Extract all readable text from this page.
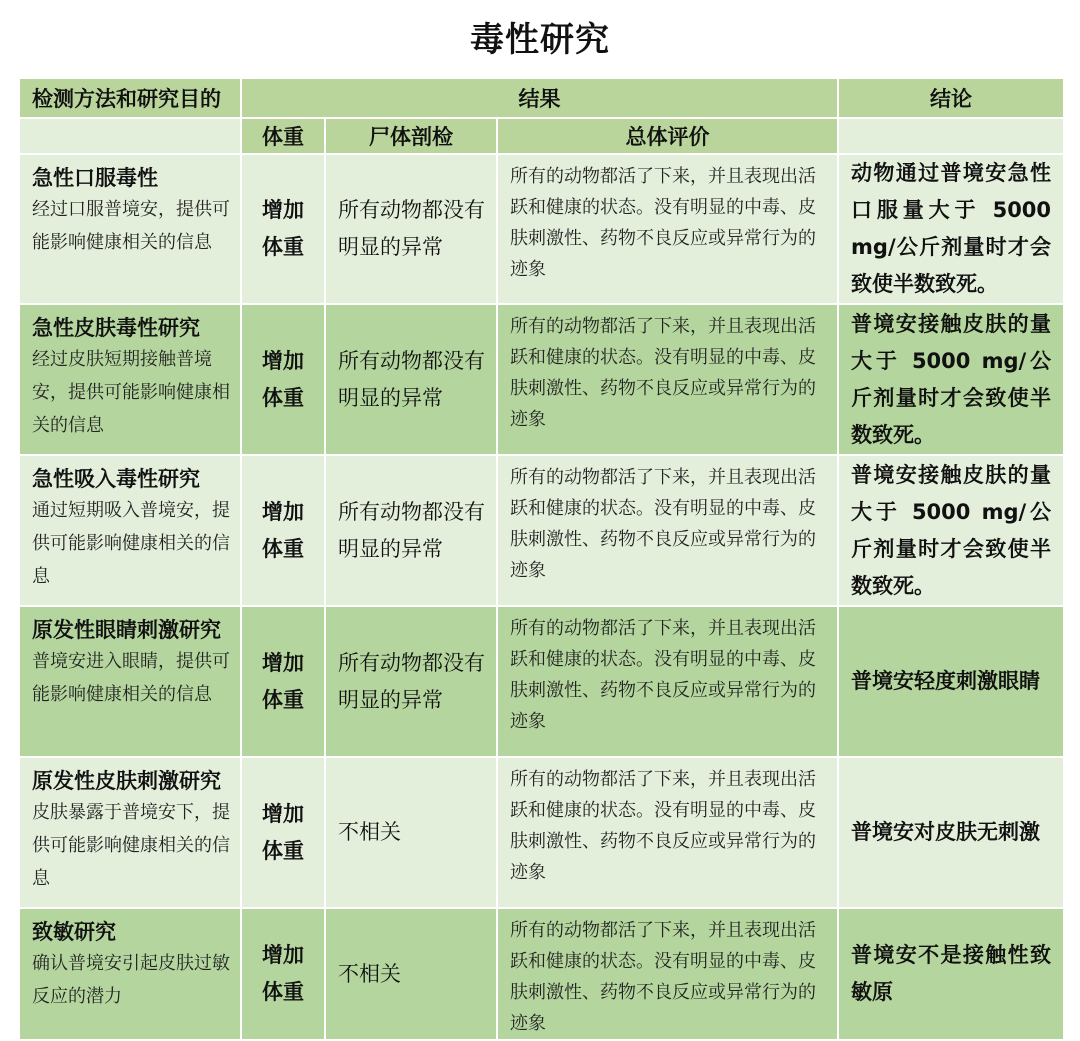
毒性研究
检测方法和研究目的	结果			结论
	体重	尸体剖检	总体评价	

急性口服毒性
经过口服普境安，提供可能影响健康相关的信息	增加体重	所有动物都没有明显的异常	所有的动物都活了下来，并且表现出活跃和健康的状态。没有明显的中毒、皮肤刺激性、药物不良反应或异常行为的迹象	动物通过普境安急性口服量大于 5000 mg/公斤剂量时才会致使半数致死。

急性皮肤毒性研究
经过皮肤短期接触普境安，提供可能影响健康相关的信息	增加体重	所有动物都没有明显的异常	所有的动物都活了下来，并且表现出活跃和健康的状态。没有明显的中毒、皮肤刺激性、药物不良反应或异常行为的迹象	普境安接触皮肤的量大于 5000 mg/公斤剂量时才会致使半数致死。

急性吸入毒性研究
通过短期吸入普境安，提供可能影响健康相关的信息	增加体重	所有动物都没有明显的异常	所有的动物都活了下来，并且表现出活跃和健康的状态。没有明显的中毒、皮肤刺激性、药物不良反应或异常行为的迹象	普境安接触皮肤的量大于 5000 mg/公斤剂量时才会致使半数致死。

原发性眼睛刺激研究
普境安进入眼睛，提供可能影响健康相关的信息	增加体重	所有动物都没有明显的异常	所有的动物都活了下来，并且表现出活跃和健康的状态。没有明显的中毒、皮肤刺激性、药物不良反应或异常行为的迹象	普境安轻度刺激眼睛

原发性皮肤刺激研究
皮肤暴露于普境安下，提供可能影响健康相关的信息	增加体重	不相关	所有的动物都活了下来，并且表现出活跃和健康的状态。没有明显的中毒、皮肤刺激性、药物不良反应或异常行为的迹象	普境安对皮肤无刺激

致敏研究
确认普境安引起皮肤过敏反应的潜力	增加体重	不相关	所有的动物都活了下来，并且表现出活跃和健康的状态。没有明显的中毒、皮肤刺激性、药物不良反应或异常行为的迹象	普境安不是接触性致敏原
